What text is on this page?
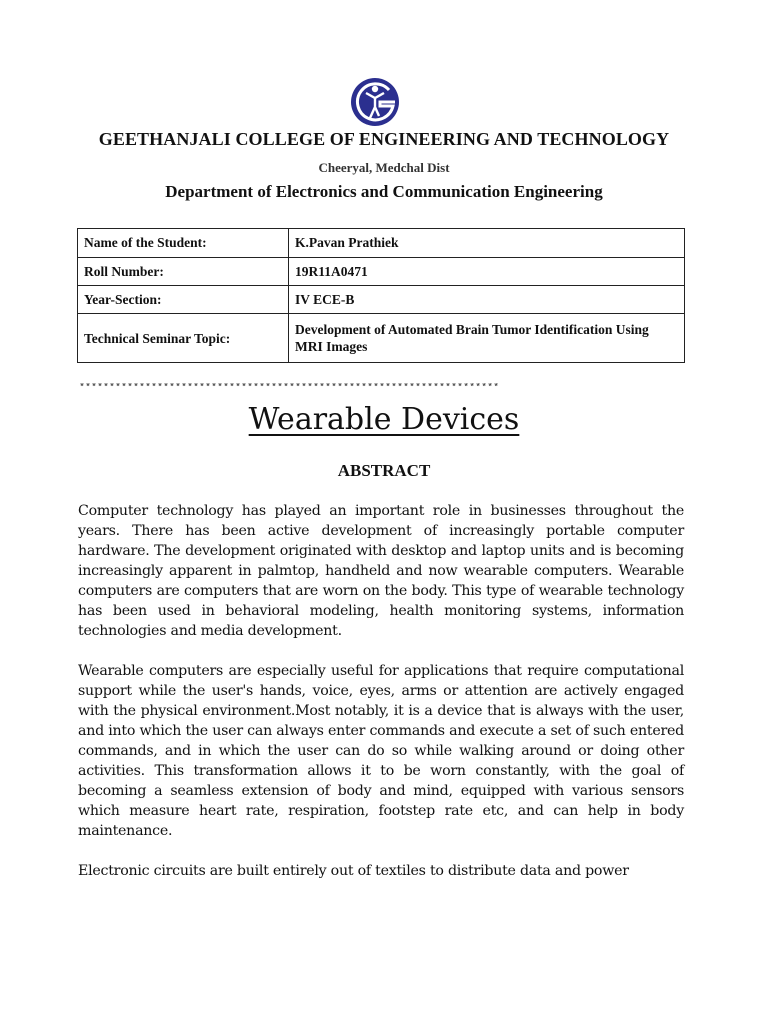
GEETHANJALI COLLEGE OF ENGINEERING AND TECHNOLOGY
Cheeryal, Medchal Dist
Department of Electronics and Communication Engineering
Name of the Student:	K.Pavan Prathiek
Roll Number:	19R11A0471
Year-Section:	IV ECE-B
Technical Seminar Topic:	Development of Automated Brain Tumor Identification Using MRI Images
**********************************************************************
Wearable Devices
ABSTRACT
Computer technology has played an important role in businesses throughout the years. There has been active development of increasingly portable computer hardware. The development originated with desktop and laptop units and is becoming increasingly apparent in palmtop, handheld and now wearable computers. Wearable computers are computers that are worn on the body. This type of wearable technology has been used in behavioral modeling, health monitoring systems, information technologies and media development.
Wearable computers are especially useful for applications that require computational support while the user's hands, voice, eyes, arms or attention are actively engaged with the physical environment.Most notably, it is a device that is always with the user, and into which the user can always enter commands and execute a set of such entered commands, and in which the user can do so while walking around or doing other activities. This transformation allows it to be worn constantly, with the goal of becoming a seamless extension of body and mind, equipped with various sensors which measure heart rate, respiration, footstep rate etc, and can help in body maintenance.
Electronic circuits are built entirely out of textiles to distribute data and power
